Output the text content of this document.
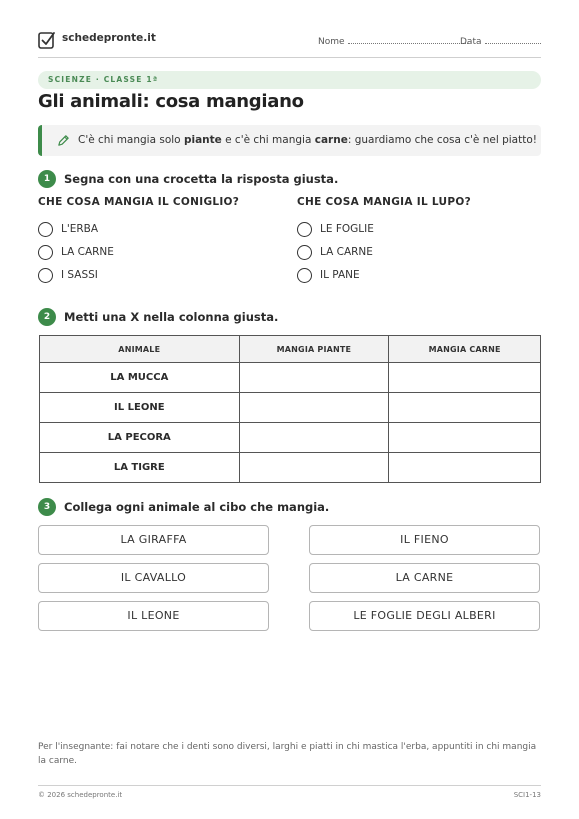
schedepronte.it	Nome	Data
SCIENZE · CLASSE 1ª
Gli animali: cosa mangiano
C'è chi mangia solo piante e c'è chi mangia carne: guardiamo che cosa c'è nel piatto!
1 Segna con una crocetta la risposta giusta.
CHE COSA MANGIA IL CONIGLIO?
L'ERBA
LA CARNE
I SASSI
CHE COSA MANGIA IL LUPO?
LE FOGLIE
LA CARNE
IL PANE
2 Metti una X nella colonna giusta.
ANIMALE	MANGIA PIANTE	MANGIA CARNE
LA MUCCA		
IL LEONE		
LA PECORA		
LA TIGRE		
3 Collega ogni animale al cibo che mangia.
LA GIRAFFA
IL CAVALLO
IL LEONE
IL FIENO
LA CARNE
LE FOGLIE DEGLI ALBERI
Per l'insegnante: fai notare che i denti sono diversi, larghi e piatti in chi mastica l'erba, appuntiti in chi mangia la carne.
© 2026 schedepronte.it	SCI1-13
